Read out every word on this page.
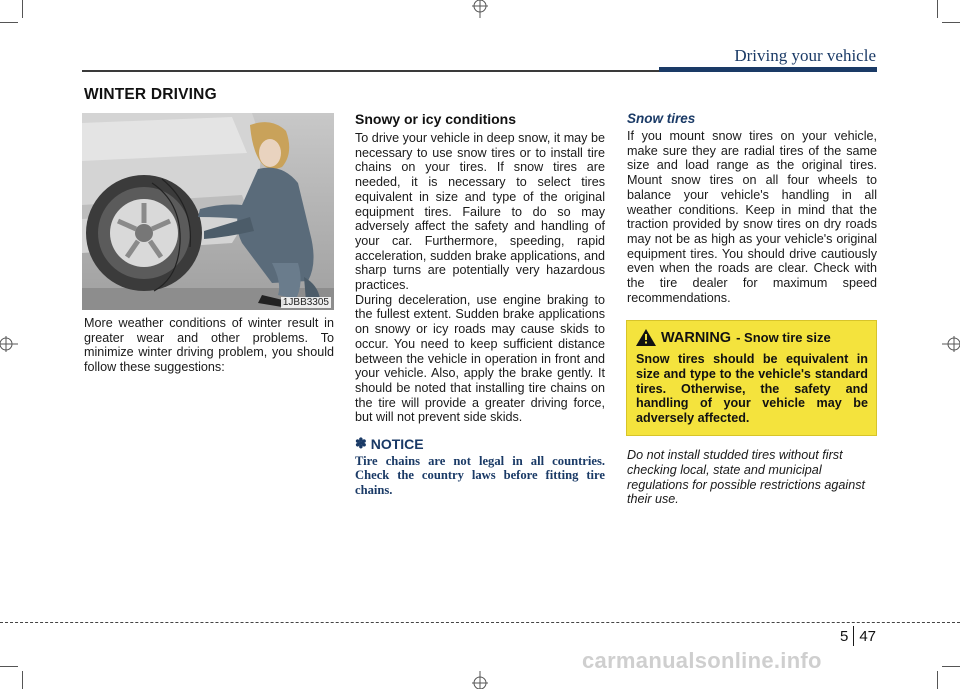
Driving your vehicle
WINTER DRIVING
1JBB3305

More weather conditions of winter result in greater wear and other problems. To minimize winter driving problem, you should follow these suggestions:

Snowy or icy conditions

To drive your vehicle in deep snow, it may be necessary to use snow tires or to install tire chains on your tires. If snow tires are needed, it is necessary to select tires equivalent in size and type of the original equipment tires. Failure to do so may adversely affect the safety and handling of your car. Furthermore, speeding, rapid acceleration, sudden brake applications, and sharp turns are potentially very hazardous practices.

During deceleration, use engine braking to the fullest extent. Sudden brake applications on snowy or icy roads may cause skids to occur. You need to keep sufficient distance between the vehicle in operation in front and your vehicle. Also, apply the brake gently. It should be noted that installing tire chains on the tire will provide a greater driving force, but will not prevent side skids.

✽ NOTICE

Tire chains are not legal in all countries. Check the country laws before fitting tire chains.

Snow tires

If you mount snow tires on your vehicle, make sure they are radial tires of the same size and load range as the original tires. Mount snow tires on all four wheels to balance your vehicle's handling in all weather conditions. Keep in mind that the traction provided by snow tires on dry roads may not be as high as your vehicle's original equipment tires. You should drive cautiously even when the roads are clear. Check with the tire dealer for maximum speed recommendations.

WARNING - Snow tire size

Snow tires should be equivalent in size and type to the vehicle's standard tires. Otherwise, the safety and handling of your vehicle may be adversely affected.

Do not install studded tires without first checking local, state and municipal regulations for possible restrictions against their use.

5 47
carmanualsonline.info
